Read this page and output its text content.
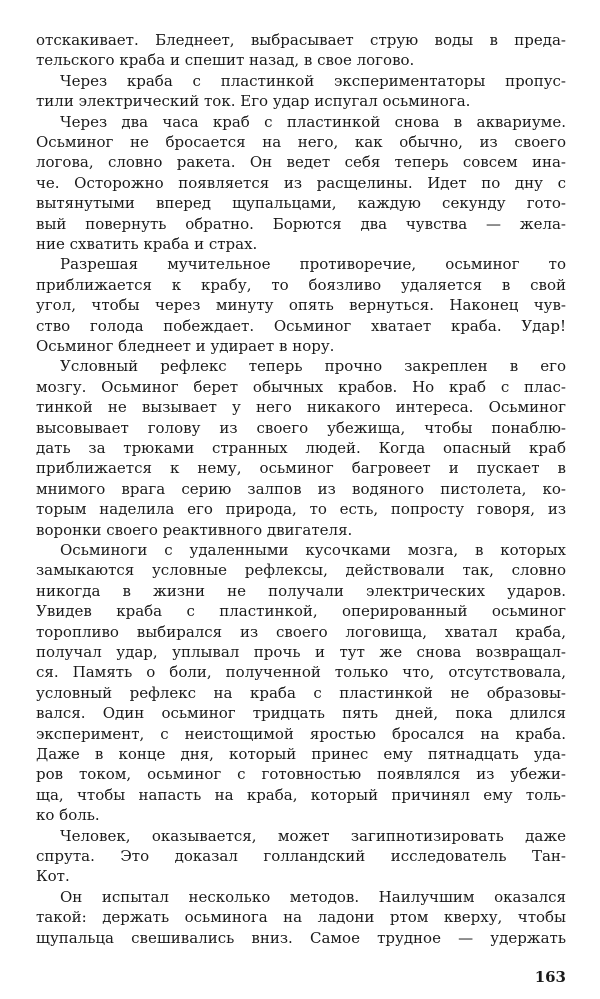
отскакивает. Бледнеет, выбрасывает струю воды в преда-
тельского краба и спешит назад, в свое логово.
Через краба с пластинкой экспериментаторы пропус-
тили электрический ток. Его удар испугал осьминога.
Через два часа краб с пластинкой снова в аквариуме.
Осьминог не бросается на него, как обычно, из своего
логова, словно ракета. Он ведет себя теперь совсем ина-
че. Осторожно появляется из расщелины. Идет по дну с
вытянутыми вперед щупальцами, каждую секунду гото-
вый повернуть обратно. Борются два чувства — жела-
ние схватить краба и страх.
Разрешая мучительное противоречие, осьминог то
приближается к крабу, то боязливо удаляется в свой
угол, чтобы через минуту опять вернуться. Наконец чув-
ство голода побеждает. Осьминог хватает краба. Удар!
Осьминог бледнеет и удирает в нору.
Условный рефлекс теперь прочно закреплен в его
мозгу. Осьминог берет обычных крабов. Но краб с плас-
тинкой не вызывает у него никакого интереса. Осьминог
высовывает голову из своего убежища, чтобы понаблю-
дать за трюками странных людей. Когда опасный краб
приближается к нему, осьминог багровеет и пускает в
мнимого врага серию залпов из водяного пистолета, ко-
торым наделила его природа, то есть, попросту говоря, из
воронки своего реактивного двигателя.
Осьминоги с удаленными кусочками мозга, в которых
замыкаются условные рефлексы, действовали так, словно
никогда в жизни не получали электрических ударов.
Увидев краба с пластинкой, оперированный осьминог
торопливо выбирался из своего логовища, хватал краба,
получал удар, уплывал прочь и тут же снова возвращал-
ся. Память о боли, полученной только что, отсутствовала,
условный рефлекс на краба с пластинкой не образовы-
вался. Один осьминог тридцать пять дней, пока длился
эксперимент, с неистощимой яростью бросался на краба.
Даже в конце дня, который принес ему пятнадцать уда-
ров током, осьминог с готовностью появлялся из убежи-
ща, чтобы напасть на краба, который причинял ему толь-
ко боль.
Человек, оказывается, может загипнотизировать даже
спрута. Это доказал голландский исследователь Тан-
Кот.
Он испытал несколько методов. Наилучшим оказался
такой: держать осьминога на ладони ртом кверху, чтобы
щупальца свешивались вниз. Самое трудное — удержать
163
